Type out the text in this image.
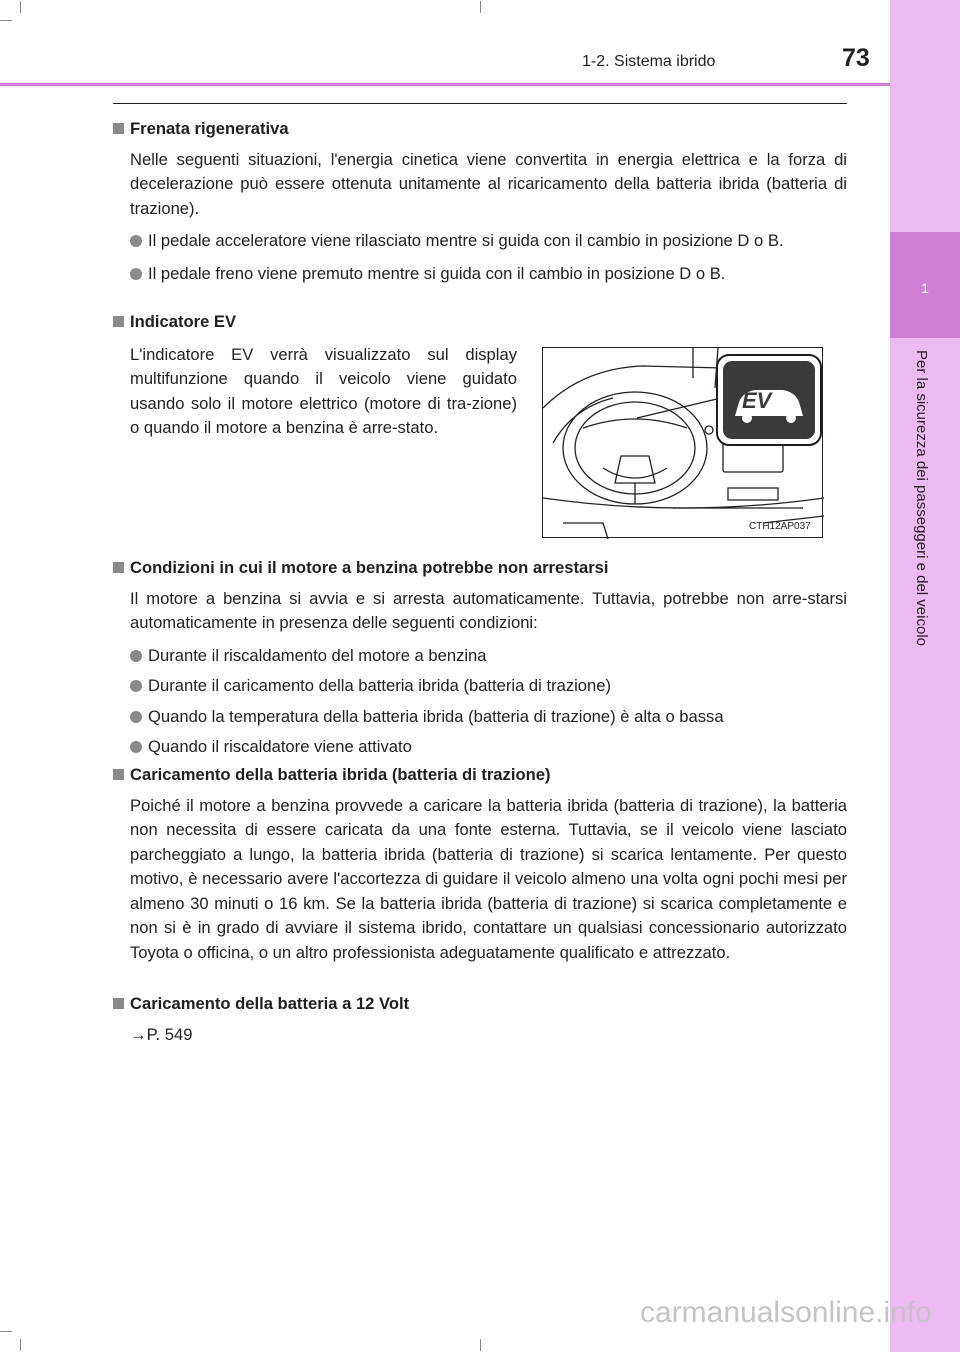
1
Per la sicurezza dei passeggeri e del veicolo
1-2. Sistema ibrido	73
Frenata rigenerativa
Nelle seguenti situazioni, l'energia cinetica viene convertita in energia elettrica e la forza di decelerazione può essere ottenuta unitamente al ricaricamento della batteria ibrida (batteria di trazione).
Il pedale acceleratore viene rilasciato mentre si guida con il cambio in posizione D o B.
Il pedale freno viene premuto mentre si guida con il cambio in posizione D o B.
Indicatore EV
L'indicatore EV verrà visualizzato sul display multifunzione quando il veicolo viene guidato usando solo il motore elettrico (motore di tra-zione) o quando il motore a benzina è arre-stato.
EV
CTH12AP037
Condizioni in cui il motore a benzina potrebbe non arrestarsi
Il motore a benzina si avvia e si arresta automaticamente. Tuttavia, potrebbe non arre-starsi automaticamente in presenza delle seguenti condizioni:
Durante il riscaldamento del motore a benzina
Durante il caricamento della batteria ibrida (batteria di trazione)
Quando la temperatura della batteria ibrida (batteria di trazione) è alta o bassa
Quando il riscaldatore viene attivato
Caricamento della batteria ibrida (batteria di trazione)
Poiché il motore a benzina provvede a caricare la batteria ibrida (batteria di trazione), la batteria non necessita di essere caricata da una fonte esterna. Tuttavia, se il veicolo viene lasciato parcheggiato a lungo, la batteria ibrida (batteria di trazione) si scarica lentamente. Per questo motivo, è necessario avere l'accortezza di guidare il veicolo almeno una volta ogni pochi mesi per almeno 30 minuti o 16 km. Se la batteria ibrida (batteria di trazione) si scarica completamente e non si è in grado di avviare il sistema ibrido, contattare un qualsiasi concessionario autorizzato Toyota o officina, o un altro professionista adeguatamente qualificato e attrezzato.
Caricamento della batteria a 12 Volt
→P. 549
carmanualsonline.info
